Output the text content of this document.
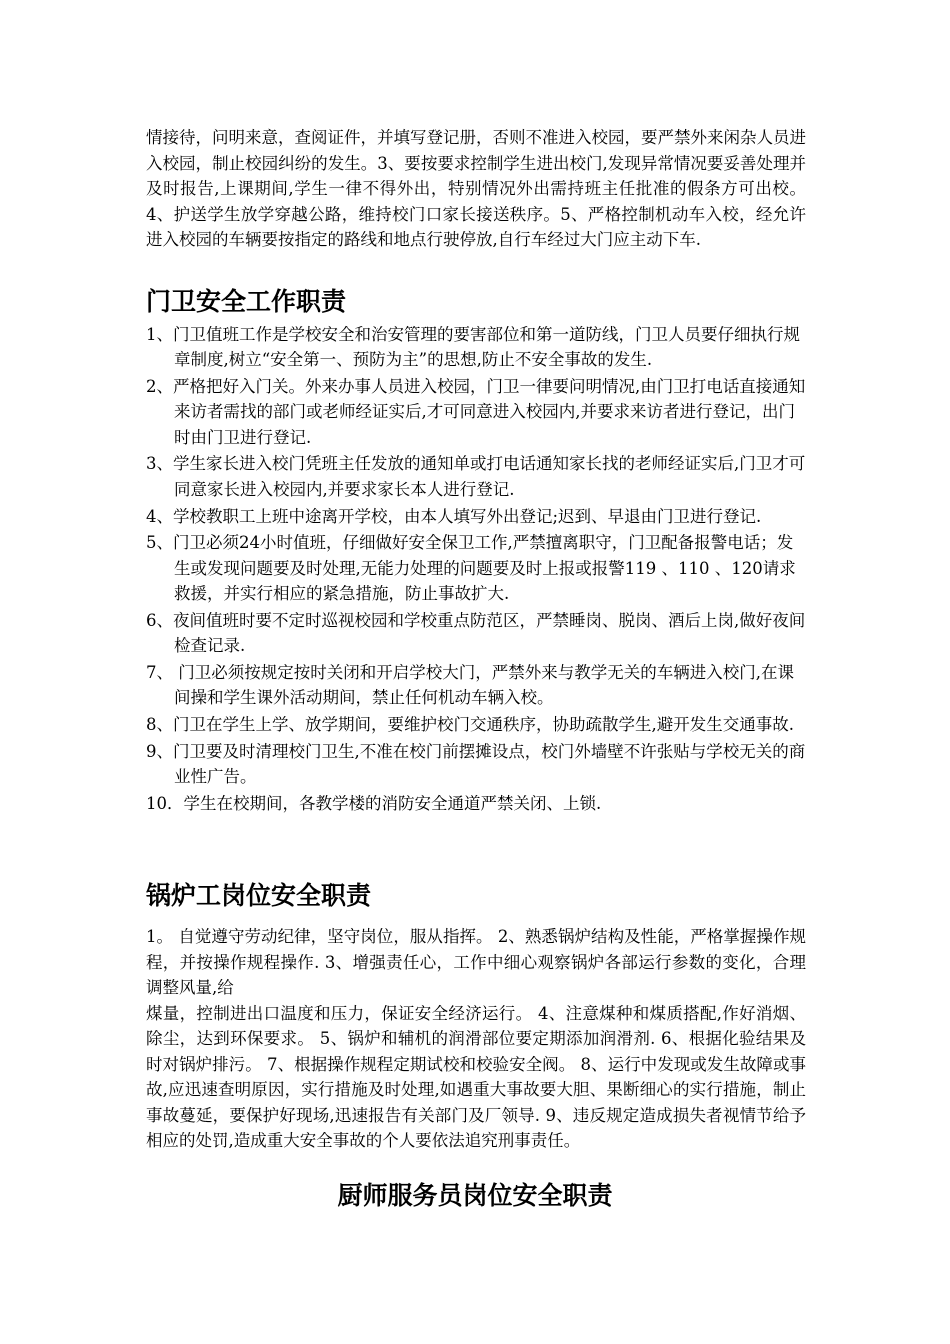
情接待，问明来意，查阅证件，并填写登记册，否则不准进入校园，要严禁外来闲杂人员进入校园，制止校园纠纷的发生。3、要按要求控制学生进出校门,发现异常情况要妥善处理并及时报告,上课期间,学生一律不得外出，特别情况外出需持班主任批准的假条方可出校。4、护送学生放学穿越公路，维持校门口家长接送秩序。5、严格控制机动车入校，经允许进入校园的车辆要按指定的路线和地点行驶停放,自行车经过大门应主动下车.
门卫安全工作职责
1、门卫值班工作是学校安全和治安管理的要害部位和第一道防线，门卫人员要仔细执行规章制度,树立“安全第一、预防为主”的思想,防止不安全事故的发生.
2、严格把好入门关。外来办事人员进入校园，门卫一律要问明情况,由门卫打电话直接通知来访者需找的部门或老师经证实后,才可同意进入校园内,并要求来访者进行登记，出门时由门卫进行登记.
3、学生家长进入校门凭班主任发放的通知单或打电话通知家长找的老师经证实后,门卫才可同意家长进入校园内,并要求家长本人进行登记.
4、学校教职工上班中途离开学校，由本人填写外出登记;迟到、早退由门卫进行登记.
5、门卫必须24小时值班，仔细做好安全保卫工作,严禁擅离职守，门卫配备报警电话；发生或发现问题要及时处理,无能力处理的问题要及时上报或报警119 、110 、120请求救援，并实行相应的紧急措施，防止事故扩大.
6、夜间值班时要不定时巡视校园和学校重点防范区，严禁睡岗、脱岗、酒后上岗,做好夜间检查记录.
7、 门卫必须按规定按时关闭和开启学校大门，严禁外来与教学无关的车辆进入校门,在课间操和学生课外活动期间，禁止任何机动车辆入校。
8、门卫在学生上学、放学期间，要维护校门交通秩序，协助疏散学生,避开发生交通事故.
9、门卫要及时清理校门卫生,不准在校门前摆摊设点，校门外墙壁不许张贴与学校无关的商业性广告。
10．学生在校期间，各教学楼的消防安全通道严禁关闭、上锁.
锅炉工岗位安全职责
1。 自觉遵守劳动纪律，坚守岗位，服从指挥。 2、熟悉锅炉结构及性能，严格掌握操作规程，并按操作规程操作. 3、增强责任心，工作中细心观察锅炉各部运行参数的变化，合理调整风量,给
煤量，控制进出口温度和压力，保证安全经济运行。 4、注意煤种和煤质搭配,作好消烟、除尘，达到环保要求。 5、锅炉和辅机的润滑部位要定期添加润滑剂. 6、根据化验结果及时对锅炉排污。 7、根据操作规程定期试校和校验安全阀。 8、运行中发现或发生故障或事故,应迅速查明原因，实行措施及时处理,如遇重大事故要大胆、果断细心的实行措施，制止事故蔓延，要保护好现场,迅速报告有关部门及厂领导. 9、违反规定造成损失者视情节给予相应的处罚,造成重大安全事故的个人要依法追究刑事责任。
厨师服务员岗位安全职责
